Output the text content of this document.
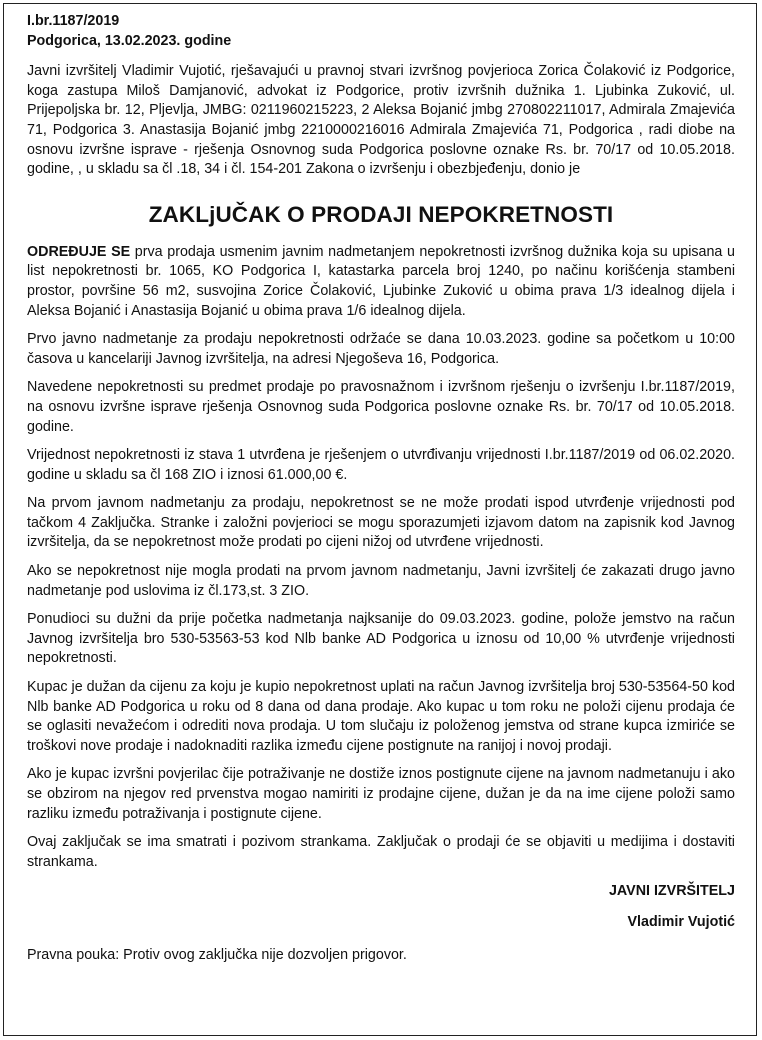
I.br.1187/2019
Podgorica, 13.02.2023. godine

Javni izvršitelj Vladimir Vujotić, rješavajući u pravnoj stvari izvršnog povjerioca Zorica Čolaković iz Podgorice, koga zastupa Miloš Damjanović, advokat iz Podgorice, protiv izvršnih dužnika 1. Ljubinka Zuković, ul. Prijepoljska br. 12, Pljevlja, JMBG: 0211960215223, 2 Aleksa Bojanić jmbg 270802211017, Admirala Zmajevića 71, Podgorica 3. Anastasija Bojanić jmbg 2210000216016 Admirala Zmajevića 71, Podgorica , radi diobe na osnovu izvršne isprave - rješenja Osnovnog suda Podgorica poslovne oznake Rs. br. 70/17 od 10.05.2018. godine, , u skladu sa čl .18, 34 i čl. 154-201 Zakona o izvršenju i obezbjeđenju, donio je

ZAKLjUČAK O PRODAJI NEPOKRETNOSTI

ODREĐUJE SE prva prodaja usmenim javnim nadmetanjem nepokretnosti izvršnog dužnika koja su upisana u list nepokretnosti br. 1065, KO Podgorica I, katastarka parcela broj 1240, po načinu korišćenja stambeni prostor, površine 56 m2, susvojina Zorice Čolaković, Ljubinke Zuković u obima prava 1/3 idealnog dijela i Aleksa Bojanić i Anastasija Bojanić u obima prava 1/6 idealnog dijela.

Prvo javno nadmetanje za prodaju nepokretnosti održaće se dana 10.03.2023. godine sa početkom u 10:00 časova u kancelariji Javnog izvršitelja, na adresi Njegoševa 16, Podgorica.

Navedene nepokretnosti su predmet prodaje po pravosnažnom i izvršnom rješenju o izvršenju I.br.1187/2019, na osnovu izvršne isprave rješenja Osnovnog suda Podgorica poslovne oznake Rs. br. 70/17 od 10.05.2018. godine.

Vrijednost nepokretnosti iz stava 1 utvrđena je rješenjem o utvrđivanju vrijednosti I.br.1187/2019 od 06.02.2020. godine u skladu sa čl 168 ZIO i iznosi 61.000,00 €.

Na prvom javnom nadmetanju za prodaju, nepokretnost se ne može prodati ispod utvrđenje vrijednosti pod tačkom 4 Zaključka. Stranke i založni povjerioci se mogu sporazumjeti izjavom datom na zapisnik kod Javnog izvršitelja, da se nepokretnost može prodati po cijeni nižoj od utvrđene vrijednosti.

Ako se nepokretnost nije mogla prodati na prvom javnom nadmetanju, Javni izvršitelj će zakazati drugo javno nadmetanje pod uslovima iz čl.173,st. 3 ZIO.

Ponudioci su dužni da prije početka nadmetanja najksanije do 09.03.2023. godine, polože jemstvo na račun Javnog izvršitelja bro 530-53563-53 kod Nlb banke AD Podgorica u iznosu od 10,00 % utvrđenje vrijednosti nepokretnosti.

Kupac je dužan da cijenu za koju je kupio nepokretnost uplati na račun Javnog izvršitelja broj 530-53564-50 kod Nlb banke AD Podgorica u roku od 8 dana od dana prodaje. Ako kupac u tom roku ne položi cijenu prodaja će se oglasiti nevažećom i odrediti nova prodaja. U tom slučaju iz položenog jemstva od strane kupca izmiriće se troškovi nove prodaje i nadoknaditi razlika između cijene postignute na ranijoj i novoj prodaji.

Ako je kupac izvršni povjerilac čije potraživanje ne dostiže iznos postignute cijene na javnom nadmetanuju i ako se obzirom na njegov red prvenstva mogao namiriti iz prodajne cijene, dužan je da na ime cijene položi samo razliku između potraživanja i postignute cijene.

Ovaj zaključak se ima smatrati i pozivom strankama. Zaključak o prodaji će se objaviti u medijima i dostaviti strankama.

JAVNI IZVRŠITELJ
Vladimir Vujotić

Pravna pouka: Protiv ovog zaključka nije dozvoljen prigovor.
